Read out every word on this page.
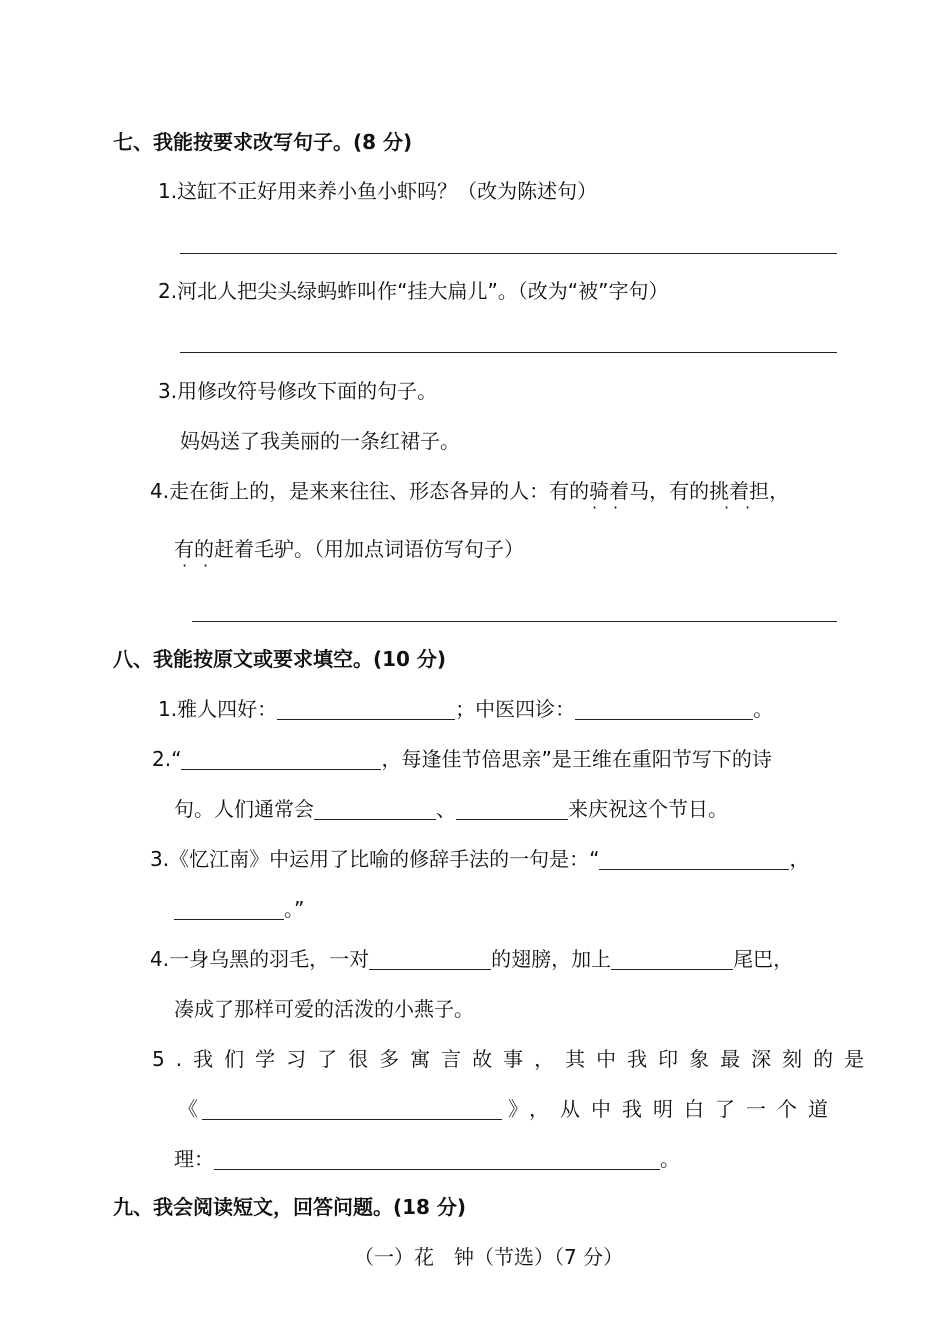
七、我能按要求改写句子。(8 分)
1.这缸不正好用来养小鱼小虾吗？（改为陈述句）
2.河北人把尖头绿蚂蚱叫作“挂大扁儿”。（改为“被”字句）
3.用修改符号修改下面的句子。
妈妈送了我美丽的一条红裙子。
4.走在街上的，是来来往往、形态各异的人：有的骑着马，有的挑着担，
· ·	· ·
有的赶着毛驴。（用加点词语仿写句子）
· ·
八、我能按原文或要求填空。(10 分)
1.雅人四好：	；中医四诊：	。
2.“	，每逢佳节倍思亲”是王维在重阳节写下的诗
句。人们通常会	、	来庆祝这个节日。
3.《忆江南》中运用了比喻的修辞手法的一句是：“	，
。”
4.一身乌黑的羽毛，一对	的翅膀，加上	尾巴，
凑成了那样可爱的活泼的小燕子。
5.我们学习了很多寓言故事，其中我印象最深刻的是
《	》，从中我明白了一个道
理：	。
九、我会阅读短文，回答问题。(18 分)
（一）花　钟（节选）（7 分）
